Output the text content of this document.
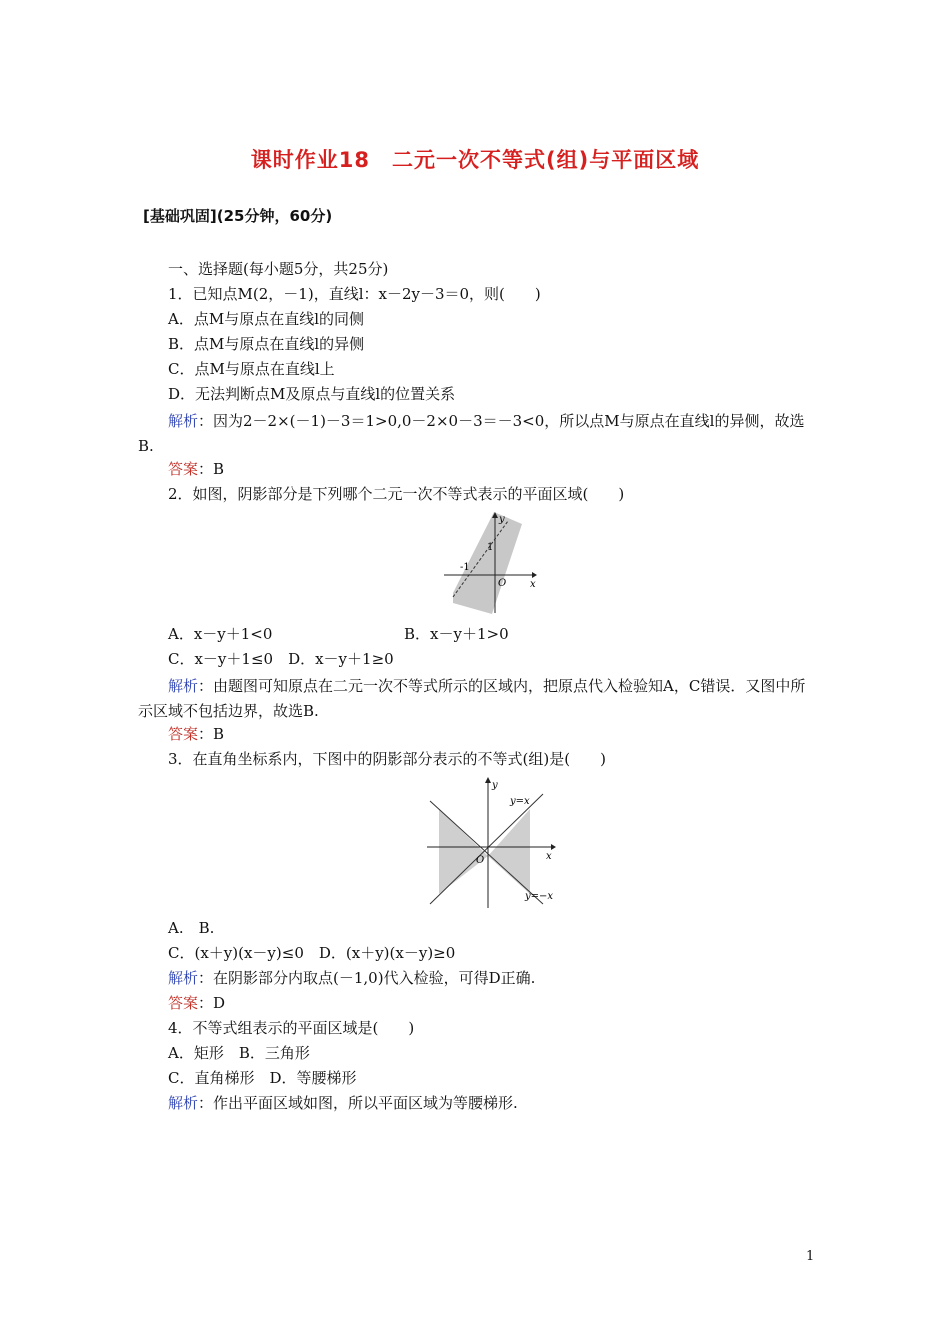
课时作业18　二元一次不等式(组)与平面区域
[基础巩固](25分钟，60分)
一、选择题(每小题5分，共25分)
1．已知点M(2，－1)，直线l：x－2y－3＝0，则(　　)
A．点M与原点在直线l的同侧
B．点M与原点在直线l的异侧
C．点M与原点在直线l上
D．无法判断点M及原点与直线l的位置关系
解析：因为2－2×(－1)－3＝1>0,0－2×0－3＝－3<0，所以点M与原点在直线l的异侧，故选B.
答案：B
2．如图，阴影部分是下列哪个二元一次不等式表示的平面区域(　　)
y
x
O
1
-1
A．x－y＋1<0	B．x－y＋1>0
C．x－y＋1≤0　D．x－y＋1≥0
解析：由题图可知原点在二元一次不等式所示的区域内，把原点代入检验知A，C错误．又图中所示区域不包括边界，故选B.
答案：B
3．在直角坐标系内，下图中的阴影部分表示的不等式(组)是(　　)
y
x
O
y=x
y=−x
A.　B.
C．(x＋y)(x－y)≤0　D．(x＋y)(x－y)≥0
解析：在阴影部分内取点(－1,0)代入检验，可得D正确.
答案：D
4．不等式组表示的平面区域是(　　)
A．矩形　B．三角形
C．直角梯形　D．等腰梯形
解析：作出平面区域如图，所以平面区域为等腰梯形.
1
